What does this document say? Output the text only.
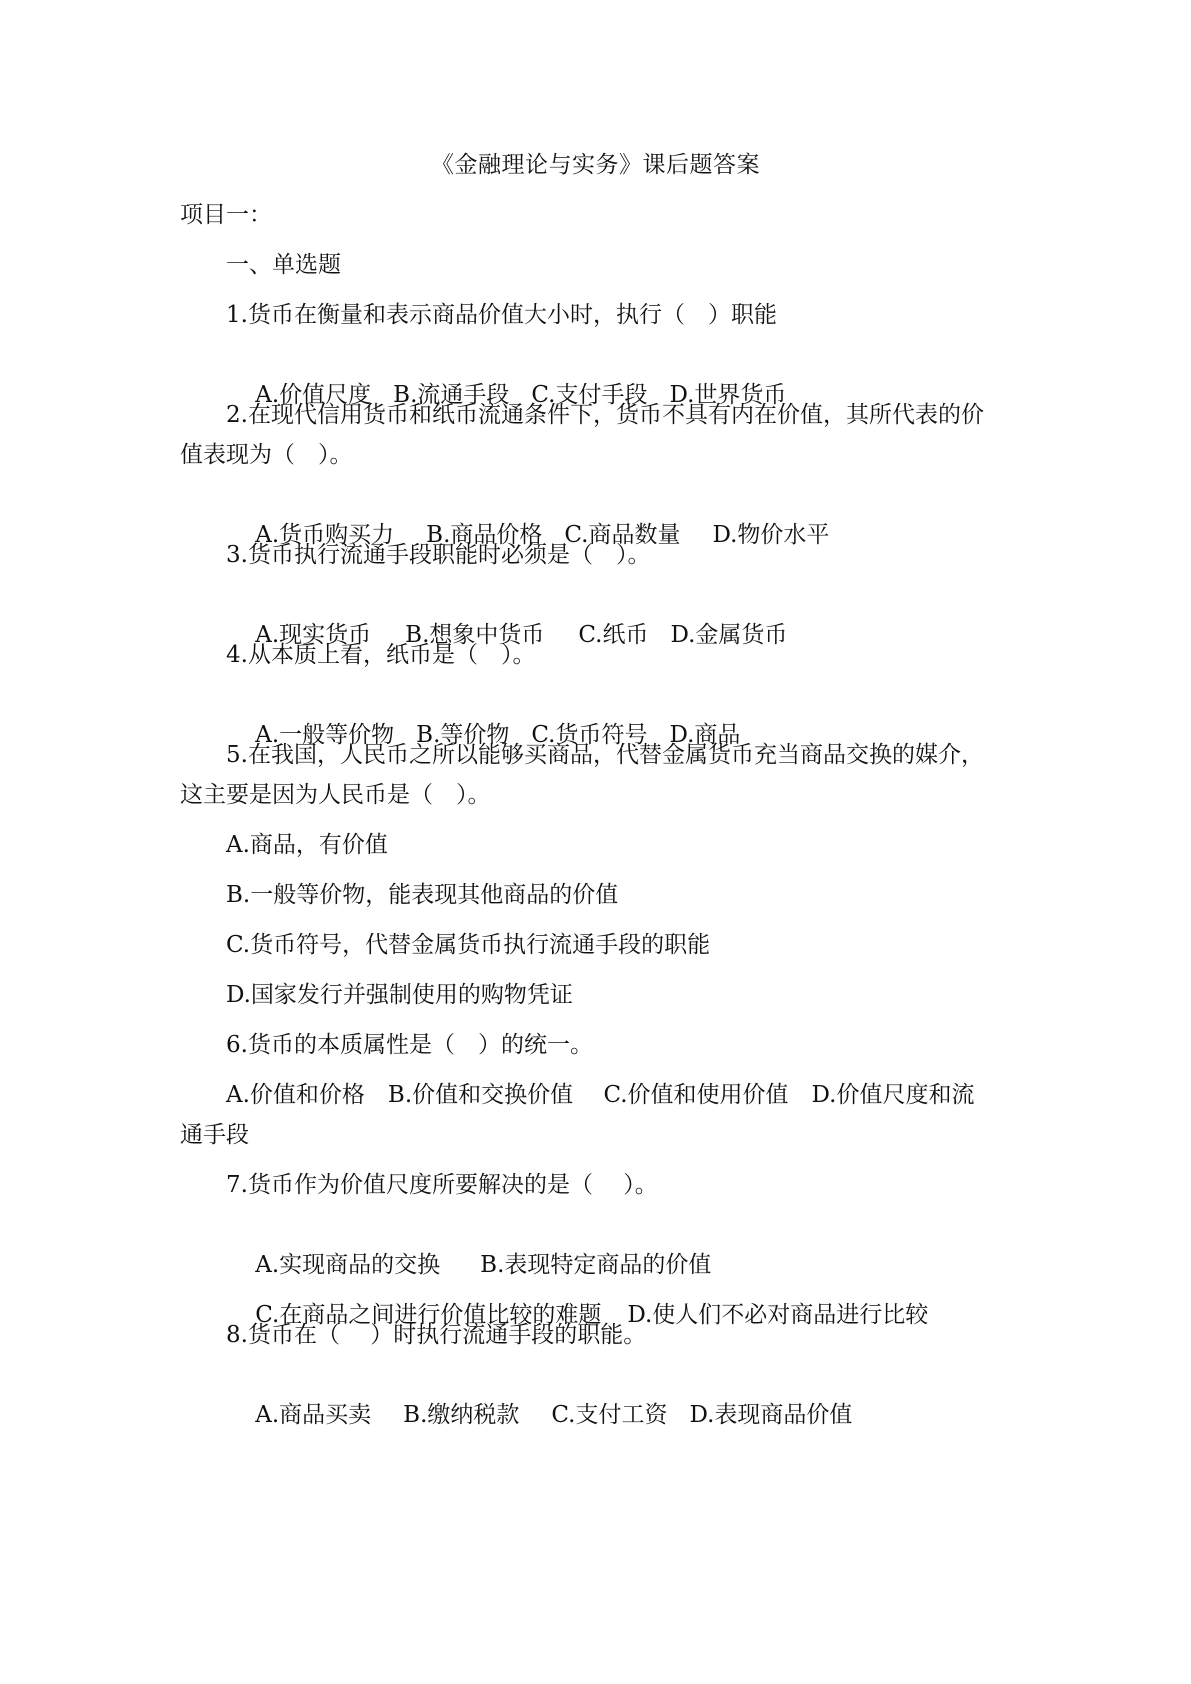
《金融理论与实务》课后题答案
项目一：
一、单选题
1.货币在衡量和表示商品价值大小时，执行（　）职能

A.价值尺度 B.流通手段 C.支付手段 D.世界货币

2.在现代信用货币和纸币流通条件下，货币不具有内在价值，其所代表的价
值表现为（　）。

A.货币购买力 B.商品价格 C.商品数量 D.物价水平

3.货币执行流通手段职能时必须是（　）。

A.现实货币 B.想象中货币 C.纸币 D.金属货币

4.从本质上看，纸币是（　）。

A.一般等价物 B.等价物 C.货币符号 D.商品

5.在我国，人民币之所以能够买商品，代替金属货币充当商品交换的媒介，
这主要是因为人民币是（　）。
A.商品，有价值
B.一般等价物，能表现其他商品的价值
C.货币符号，代替金属货币执行流通手段的职能
D.国家发行并强制使用的购物凭证
6.货币的本质属性是（　）的统一。
A.价值和价格　B.价值和交换价值　 C.价值和使用价值　D.价值尺度和流
通手段
7.货币作为价值尺度所要解决的是（　 ）。

A.实现商品的交换 B.表现特定商品的价值

C.在商品之间进行价值比较的难题 D.使人们不必对商品进行比较

8.货币在（　 ）时执行流通手段的职能。

A.商品买卖 B.缴纳税款 C.支付工资 D.表现商品价值
